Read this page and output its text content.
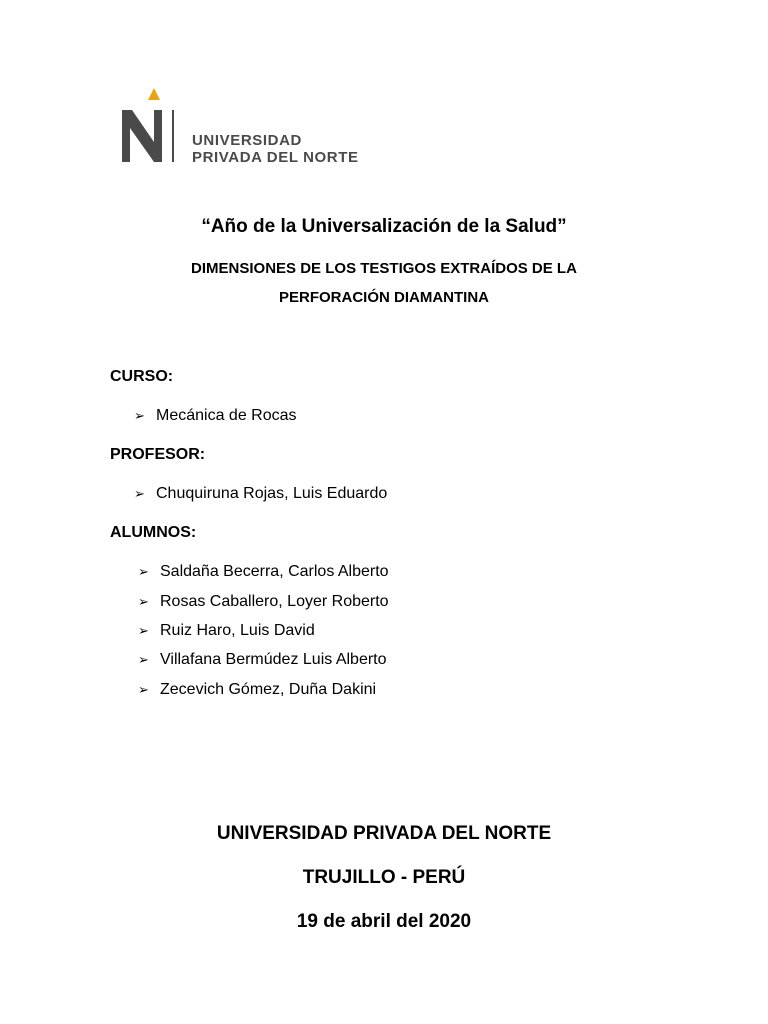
UNIVERSIDAD
PRIVADA DEL NORTE
“Año de la Universalización de la Salud”
DIMENSIONES DE LOS TESTIGOS EXTRAÍDOS DE LA
PERFORACIÓN DIAMANTINA
CURSO:
➢ Mecánica de Rocas
PROFESOR:
➢ Chuquiruna Rojas, Luis Eduardo
ALUMNOS:
➢ Saldaña Becerra, Carlos Alberto
➢ Rosas Caballero, Loyer Roberto
➢ Ruiz Haro, Luis David
➢ Villafana Bermúdez Luis Alberto
➢ Zecevich Gómez, Duña Dakini
UNIVERSIDAD PRIVADA DEL NORTE
TRUJILLO - PERÚ
19 de abril del 2020
